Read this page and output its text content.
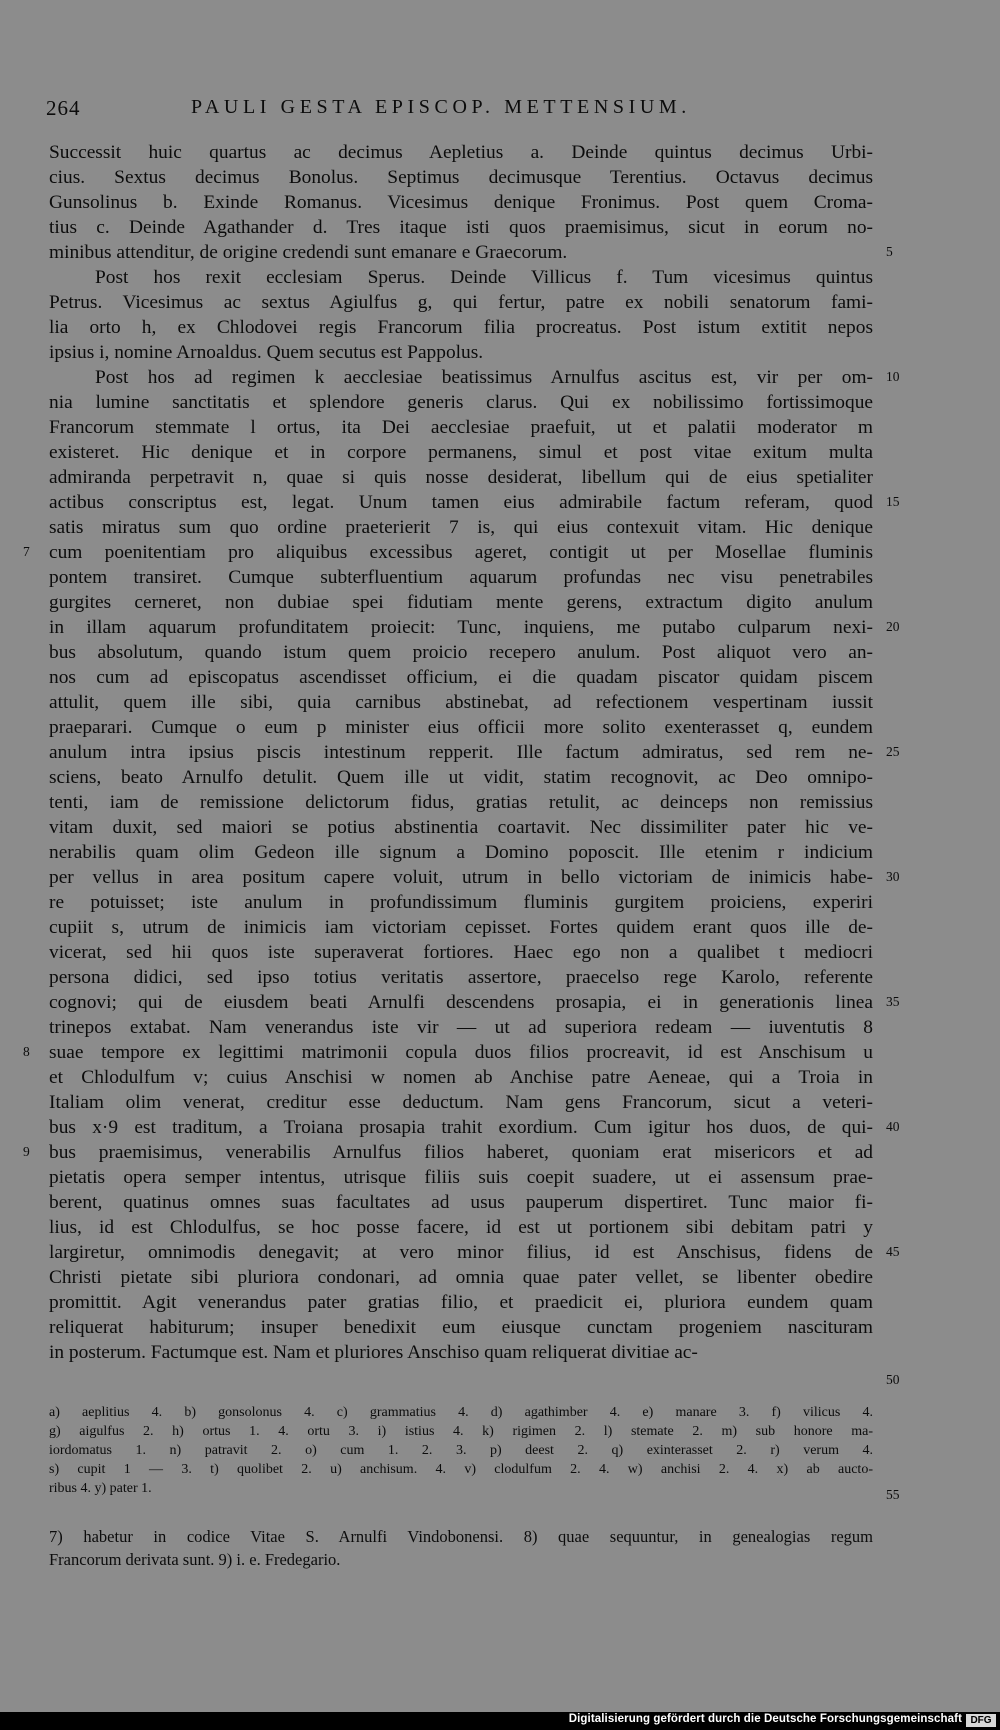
264	PAULI GESTA EPISCOP. METTENSIUM.
Successit huic quartus ac decimus Aepletius a. Deinde quintus decimus Urbi-
cius. Sextus decimus Bonolus. Septimus decimusque Terentius. Octavus decimus
Gunsolinus b. Exinde Romanus. Vicesimus denique Fronimus. Post quem Croma-
tius c. Deinde Agathander d. Tres itaque isti quos praemisimus, sicut in eorum no-
minibus attenditur, de origine credendi sunt emanare e Graecorum.
Post hos rexit ecclesiam Sperus. Deinde Villicus f. Tum vicesimus quintus
Petrus. Vicesimus ac sextus Agiulfus g, qui fertur, patre ex nobili senatorum fami-
lia orto h, ex Chlodovei regis Francorum filia procreatus. Post istum extitit nepos
ipsius i, nomine Arnoaldus. Quem secutus est Pappolus.
Post hos ad regimen k aecclesiae beatissimus Arnulfus ascitus est, vir per om-
nia lumine sanctitatis et splendore generis clarus. Qui ex nobilissimo fortissimoque
Francorum stemmate l ortus, ita Dei aecclesiae praefuit, ut et palatii moderator m
existeret. Hic denique et in corpore permanens, simul et post vitae exitum multa
admiranda perpetravit n, quae si quis nosse desiderat, libellum qui de eius spetialiter
actibus conscriptus est, legat. Unum tamen eius admirabile factum referam, quod
satis miratus sum quo ordine praeterierit 7 is, qui eius contexuit vitam. Hic denique
cum poenitentiam pro aliquibus excessibus ageret, contigit ut per Mosellae fluminis
pontem transiret. Cumque subterfluentium aquarum profundas nec visu penetrabiles
gurgites cerneret, non dubiae spei fidutiam mente gerens, extractum digito anulum
in illam aquarum profunditatem proiecit: Tunc, inquiens, me putabo culparum nexi-
bus absolutum, quando istum quem proicio recepero anulum. Post aliquot vero an-
nos cum ad episcopatus ascendisset officium, ei die quadam piscator quidam piscem
attulit, quem ille sibi, quia carnibus abstinebat, ad refectionem vespertinam iussit
praeparari. Cumque o eum p minister eius officii more solito exenterasset q, eundem
anulum intra ipsius piscis intestinum repperit. Ille factum admiratus, sed rem ne-
sciens, beato Arnulfo detulit. Quem ille ut vidit, statim recognovit, ac Deo omnipo-
tenti, iam de remissione delictorum fidus, gratias retulit, ac deinceps non remissius
vitam duxit, sed maiori se potius abstinentia coartavit. Nec dissimiliter pater hic ve-
nerabilis quam olim Gedeon ille signum a Domino poposcit. Ille etenim r indicium
per vellus in area positum capere voluit, utrum in bello victoriam de inimicis habe-
re potuisset; iste anulum in profundissimum fluminis gurgitem proiciens, experiri
cupiit s, utrum de inimicis iam victoriam cepisset. Fortes quidem erant quos ille de-
vicerat, sed hii quos iste superaverat fortiores. Haec ego non a qualibet t mediocri
persona didici, sed ipso totius veritatis assertore, praecelso rege Karolo, referente
cognovi; qui de eiusdem beati Arnulfi descendens prosapia, ei in generationis linea
trinepos extabat. Nam venerandus iste vir — ut ad superiora redeam — iuventutis 8
suae tempore ex legittimi matrimonii copula duos filios procreavit, id est Anschisum u
et Chlodulfum v; cuius Anschisi w nomen ab Anchise patre Aeneae, qui a Troia in
Italiam olim venerat, creditur esse deductum. Nam gens Francorum, sicut a veteri-
bus x·9 est traditum, a Troiana prosapia trahit exordium. Cum igitur hos duos, de qui-
bus praemisimus, venerabilis Arnulfus filios haberet, quoniam erat misericors et ad
pietatis opera semper intentus, utrisque filiis suis coepit suadere, ut ei assensum prae-
berent, quatinus omnes suas facultates ad usus pauperum dispertiret. Tunc maior fi-
lius, id est Chlodulfus, se hoc posse facere, id est ut portionem sibi debitam patri y
largiretur, omnimodis denegavit; at vero minor filius, id est Anschisus, fidens de
Christi pietate sibi pluriora condonari, ad omnia quae pater vellet, se libenter obedire
promittit. Agit venerandus pater gratias filio, et praedicit ei, pluriora eundem quam
reliquerat habiturum; insuper benedixit eum eiusque cunctam progeniem nascituram
in posterum. Factumque est. Nam et pluriores Anschiso quam reliquerat divitiae ac-
5
10
15
20
25
30
35
40
45
50
55
7
8
9
a) aeplitius 4. b) gonsolonus 4. c) grammatius 4. d) agathimber 4. e) manare 3. f) vilicus 4.
g) aigulfus 2. h) ortus 1. 4. ortu 3. i) istius 4. k) rigimen 2. l) stemate 2. m) sub honore ma-
iordomatus 1. n) patravit 2. o) cum 1. 2. 3. p) deest 2. q) exinterasset 2. r) verum 4.
s) cupit 1 — 3. t) quolibet 2. u) anchisum. 4. v) clodulfum 2. 4. w) anchisi 2. 4. x) ab aucto-
ribus 4. y) pater 1.
7) habetur in codice Vitae S. Arnulfi Vindobonensi. 8) quae sequuntur, in genealogias regum
Francorum derivata sunt. 9) i. e. Fredegario.
Digitalisierung gefördert durch die Deutsche Forschungsgemeinschaft DFG
